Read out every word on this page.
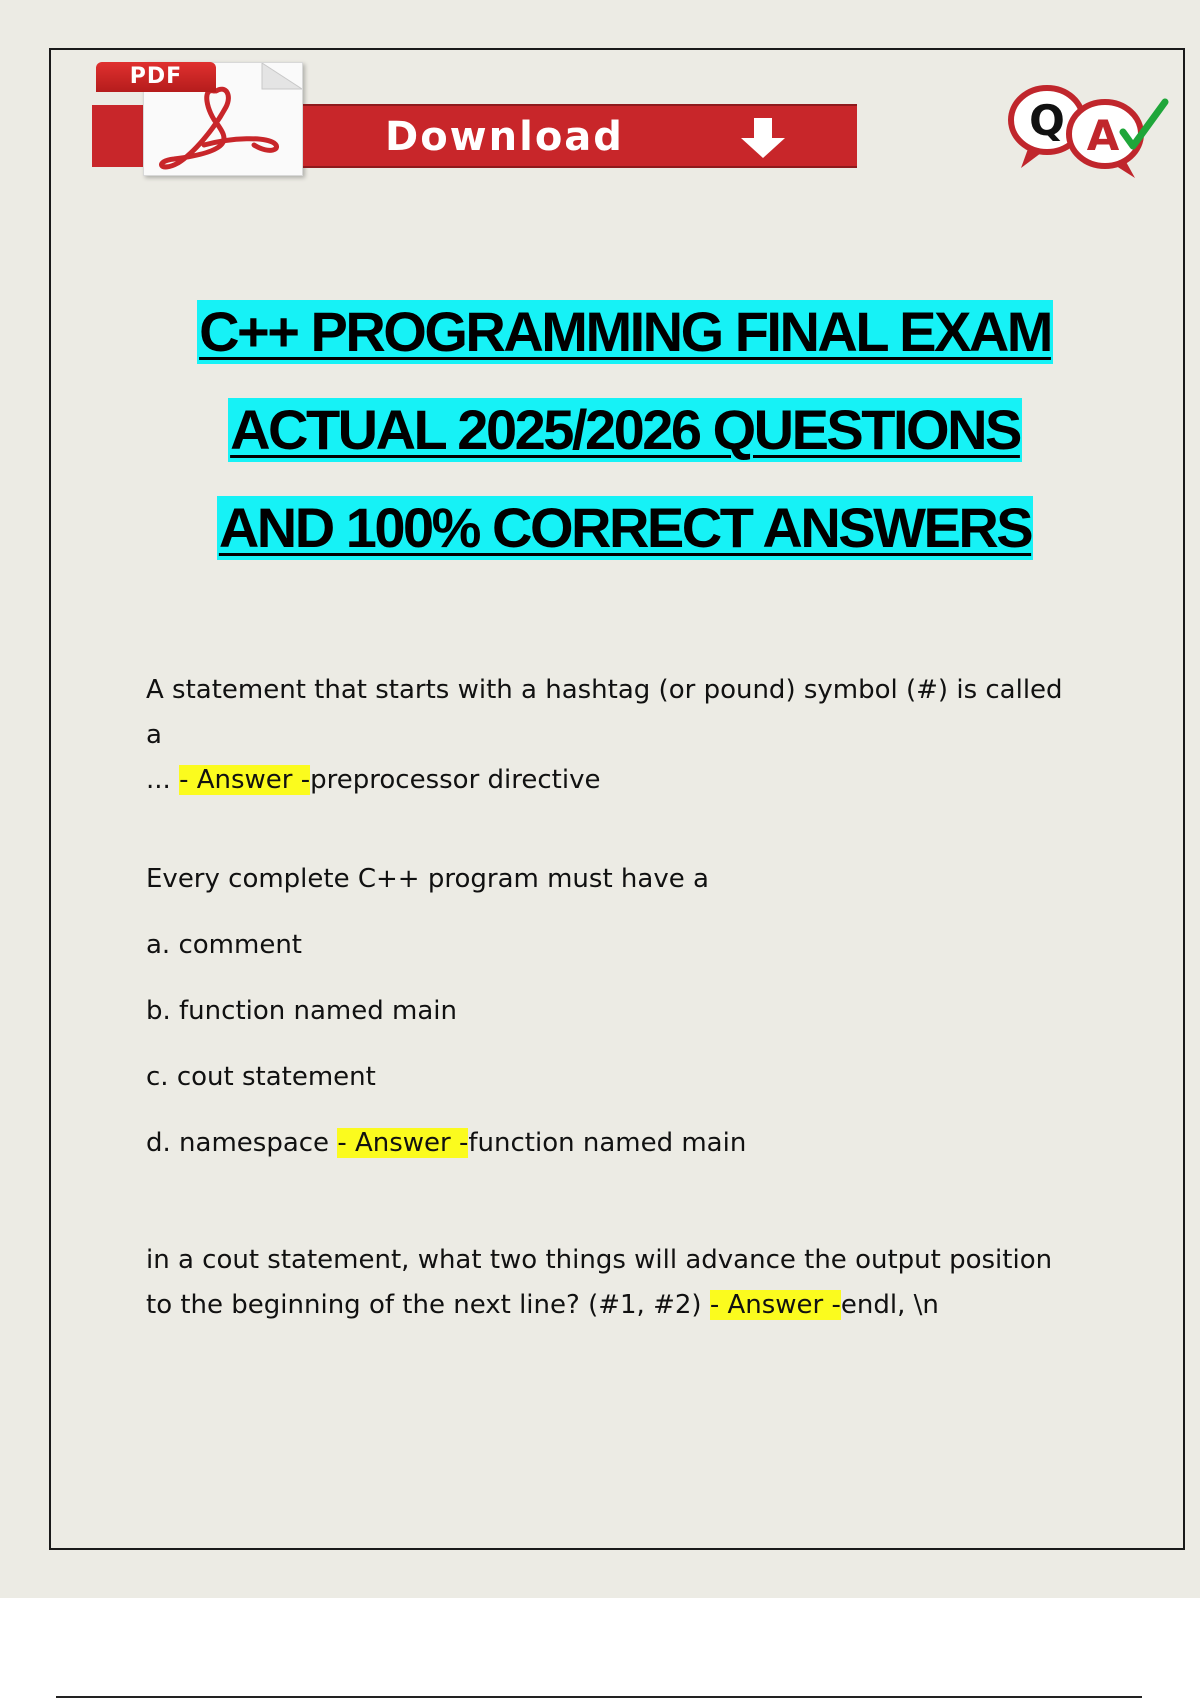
PDF
Download	Q A
C++ PROGRAMMING FINAL EXAM
ACTUAL 2025/2026 QUESTIONS
AND 100% CORRECT ANSWERS
A statement that starts with a hashtag (or pound) symbol (#) is called a
... - Answer -preprocessor directive
Every complete C++ program must have a
a. comment
b. function named main
c. cout statement
d. namespace - Answer -function named main
in a cout statement, what two things will advance the output position
to the beginning of the next line? (#1, #2) - Answer -endl, \n
